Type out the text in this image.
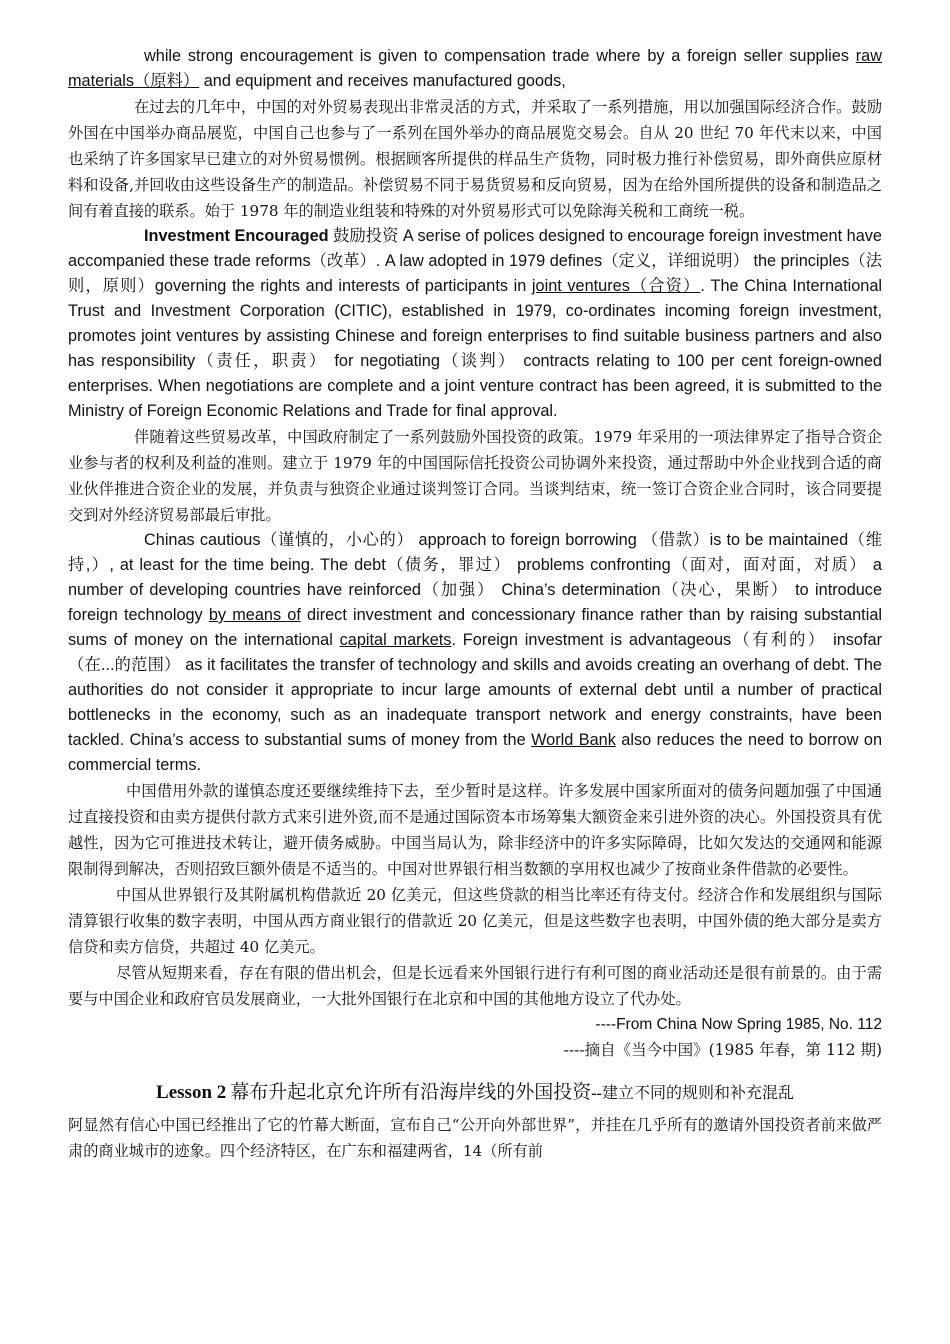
while strong encouragement is given to compensation trade where by a foreign seller supplies raw materials（原料） and equipment and receives manufactured goods,

在过去的几年中，中国的对外贸易表现出非常灵活的方式，并采取了一系列措施，用以加强国际经济合作。鼓励外国在中国举办商品展览，中国自己也参与了一系列在国外举办的商品展览交易会。自从 20 世纪 70 年代末以来，中国也采纳了许多国家早已建立的对外贸易惯例。根据顾客所提供的样品生产货物，同时极力推行补偿贸易，即外商供应原材料和设备,并回收由这些设备生产的制造品。补偿贸易不同于易货贸易和反向贸易，因为在给外国所提供的设备和制造品之间有着直接的联系。始于 1978 年的制造业组装和特殊的对外贸易形式可以免除海关税和工商统一税。

Investment Encouraged 鼓励投资 A serise of polices designed to encourage foreign investment have accompanied these trade reforms（改革）. A law adopted in 1979 defines（定义，详细说明） the principles（法则，原则）governing the rights and interests of participants in joint ventures（合资）. The China International Trust and Investment Corporation (CITIC), established in 1979, co-ordinates incoming foreign investment, promotes joint ventures by assisting Chinese and foreign enterprises to find suitable business partners and also has responsibility（责任，职责） for negotiating（谈判） contracts relating to 100 per cent foreign-owned enterprises. When negotiations are complete and a joint venture contract has been agreed, it is submitted to the Ministry of Foreign Economic Relations and Trade for final approval.

伴随着这些贸易改革，中国政府制定了一系列鼓励外国投资的政策。1979 年采用的一项法律界定了指导合资企业参与者的权利及利益的准则。建立于 1979 年的中国国际信托投资公司协调外来投资，通过帮助中外企业找到合适的商业伙伴推进合资企业的发展，并负责与独资企业通过谈判签订合同。当谈判结束，统一签订合资企业合同时，该合同要提交到对外经济贸易部最后审批。

Chinas cautious（谨慎的，小心的） approach to foreign borrowing （借款）is to be maintained（维持,）, at least for the time being. The debt（债务，罪过） problems confronting（面对，面对面，对质） a number of developing countries have reinforced（加强） China’s determination（决心，果断） to introduce foreign technology by means of direct investment and concessionary finance rather than by raising substantial sums of money on the international capital markets. Foreign investment is advantageous（有利的） insofar（在...的范围） as it facilitates the transfer of technology and skills and avoids creating an overhang of debt. The authorities do not consider it appropriate to incur large amounts of external debt until a number of practical bottlenecks in the economy, such as an inadequate transport network and energy constraints, have been tackled. China’s access to substantial sums of money from the World Bank also reduces the need to borrow on commercial terms.

中国借用外款的谨慎态度还要继续维持下去，至少暂时是这样。许多发展中国家所面对的债务问题加强了中国通过直接投资和由卖方提供付款方式来引进外资,而不是通过国际资本市场筹集大额资金来引进外资的决心。外国投资具有优越性，因为它可推进技术转让，避开债务威胁。中国当局认为，除非经济中的许多实际障碍，比如欠发达的交通网和能源限制得到解决，否则招致巨额外债是不适当的。中国对世界银行相当数额的享用权也减少了按商业条件借款的必要性。

中国从世界银行及其附属机构借款近 20 亿美元，但这些贷款的相当比率还有待支付。经济合作和发展组织与国际清算银行收集的数字表明，中国从西方商业银行的借款近 20 亿美元，但是这些数字也表明，中国外债的绝大部分是卖方信贷和卖方信贷，共超过 40 亿美元。

尽管从短期来看，存在有限的借出机会，但是长远看来外国银行进行有利可图的商业活动还是很有前景的。由于需要与中国企业和政府官员发展商业，一大批外国银行在北京和中国的其他地方设立了代办处。

----From China Now Spring 1985, No. 112

----摘自《当今中国》(1985 年春，第 112 期)

Lesson 2 幕布升起北京允许所有沿海岸线的外国投资--建立不同的规则和补充混乱

阿显然有信心中国已经推出了它的竹幕大断面，宣布自己“公开向外部世界”，并挂在几乎所有的邀请外国投资者前来做严肃的商业城市的迹象。四个经济特区，在广东和福建两省，14（所有前
